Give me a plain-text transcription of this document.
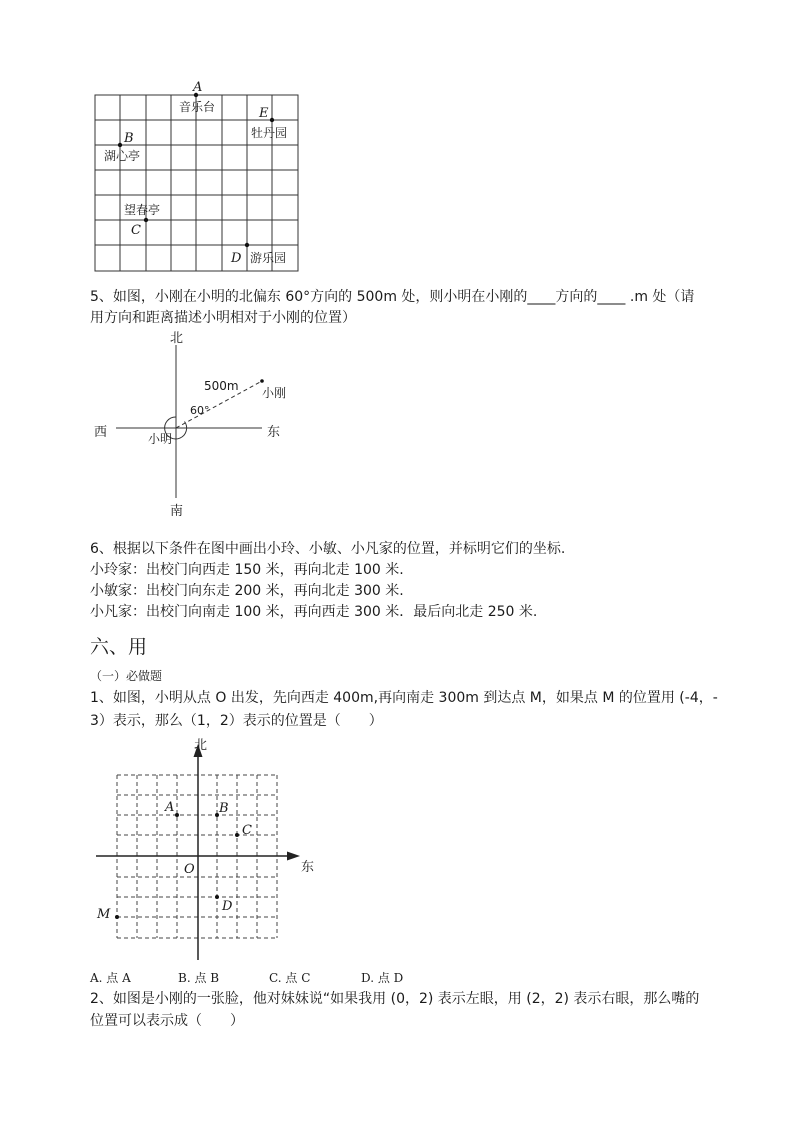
A
B
C
D
E
音乐台
牡丹园
湖心亭
望春亭
游乐园
5、如图，小刚在小明的北偏东 60°方向的 500m 处，则小明在小刚的____方向的____ .m 处（请
用方向和距离描述小明相对于小刚的位置）
北
南
东
西	小明
小刚
500m
60°
6、根据以下条件在图中画出小玲、小敏、小凡家的位置，并标明它们的坐标.
小玲家：出校门向西走 150 米，再向北走 100 米.
小敏家：出校门向东走 200 米，再向北走 300 米.
小凡家：出校门向南走 100 米，再向西走 300 米．最后向北走 250 米.
六、用
（一）必做题
1、如图，小明从点 O 出发，先向西走 400m,再向南走 300m 到达点 M，如果点 M 的位置用 (-4，-
3）表示，那么（1，2）表示的位置是（　　）
北
东
O
A	B
C
D
M
A. 点 A	B. 点 B	C. 点 C	D. 点 D
2、如图是小刚的一张脸，他对妹妹说“如果我用 (0，2) 表示左眼，用 (2，2) 表示右眼，那么嘴的
位置可以表示成（　　）
